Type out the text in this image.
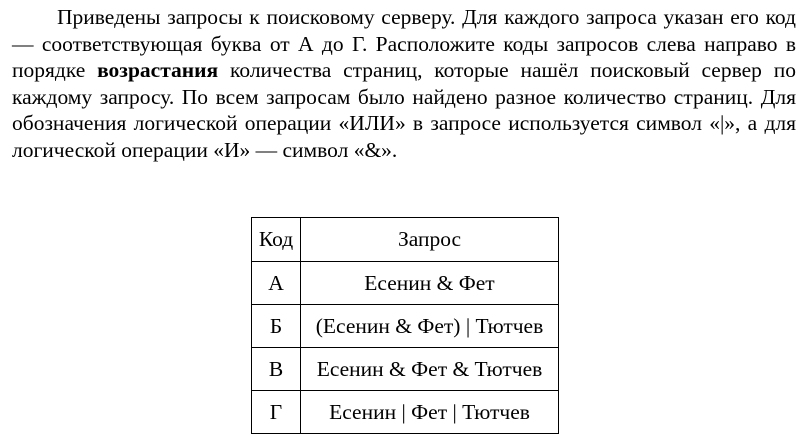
Приведены запросы к поисковому серверу. Для каждого запроса указан его код — соответствующая буква от А до Г. Расположите коды запросов слева направо в порядке возрастания количества страниц, которые нашёл поисковый сервер по каждому запросу. По всем запросам было найдено разное количество страниц. Для обозначения логической операции «ИЛИ» в запросе используется символ «|», а для логической операции «И» — символ «&».

Код	Запрос
А	Есенин & Фет
Б	(Есенин & Фет) | Тютчев
В	Есенин & Фет & Тютчев
Г	Есенин | Фет | Тютчев
